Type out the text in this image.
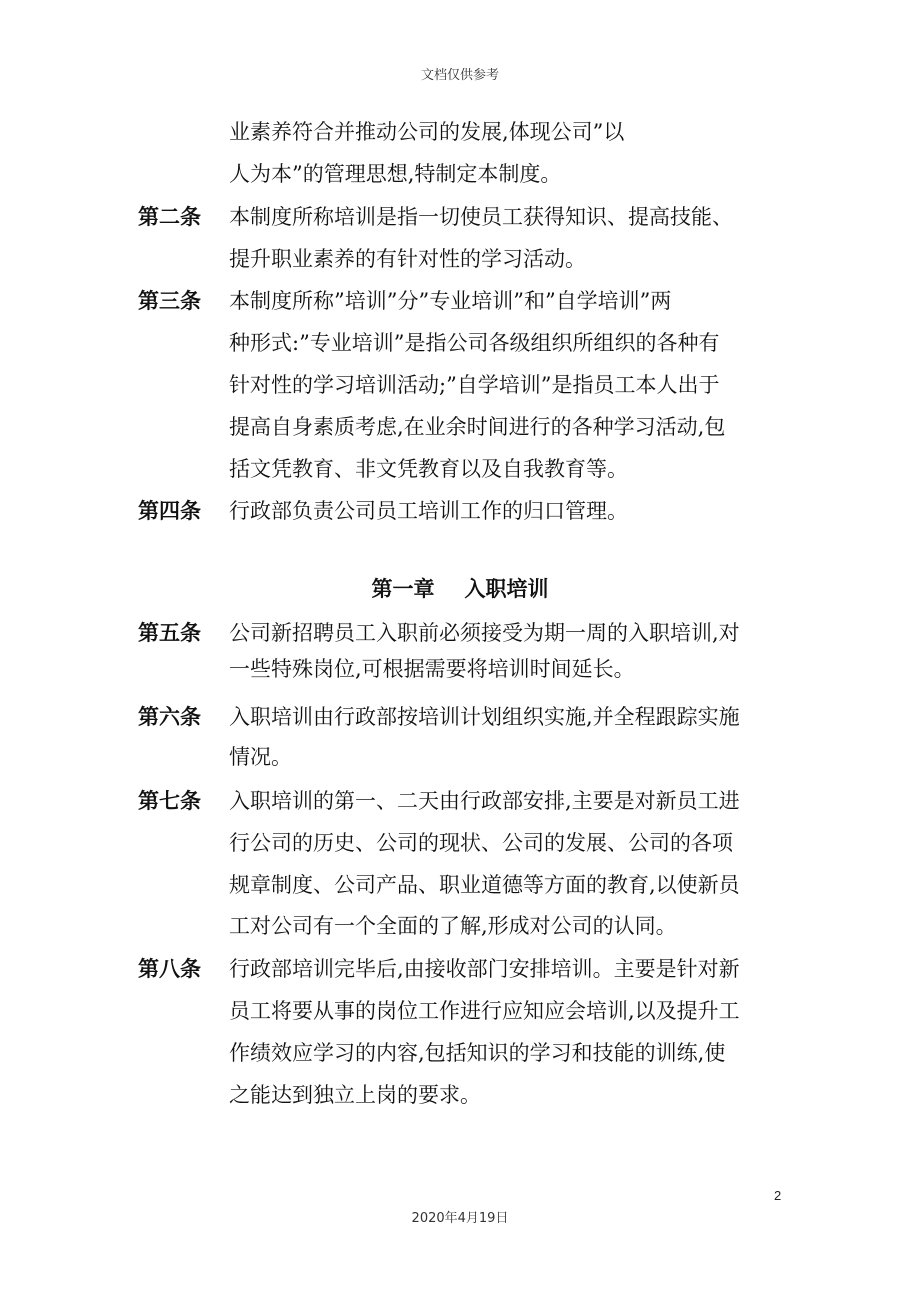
文档仅供参考
业素养符合并推动公司的发展,体现公司”以
人为本”的管理思想,特制定本制度。
第二条 本制度所称培训是指一切使员工获得知识、提高技能、
提升职业素养的有针对性的学习活动。
第三条 本制度所称”培训”分”专业培训”和”自学培训”两
种形式:”专业培训”是指公司各级组织所组织的各种有
针对性的学习培训活动;”自学培训”是指员工本人出于
提高自身素质考虑,在业余时间进行的各种学习活动,包
括文凭教育、非文凭教育以及自我教育等。
第四条 行政部负责公司员工培训工作的归口管理。
第一章 入职培训
第五条 公司新招聘员工入职前必须接受为期一周的入职培训,对
一些特殊岗位,可根据需要将培训时间延长。
第六条 入职培训由行政部按培训计划组织实施,并全程跟踪实施
情况。
第七条 入职培训的第一、二天由行政部安排,主要是对新员工进
行公司的历史、公司的现状、公司的发展、公司的各项
规章制度、公司产品、职业道德等方面的教育,以使新员
工对公司有一个全面的了解,形成对公司的认同。
第八条 行政部培训完毕后,由接收部门安排培训。主要是针对新
员工将要从事的岗位工作进行应知应会培训,以及提升工
作绩效应学习的内容,包括知识的学习和技能的训练,使
之能达到独立上岗的要求。
2
2020年4月19日
